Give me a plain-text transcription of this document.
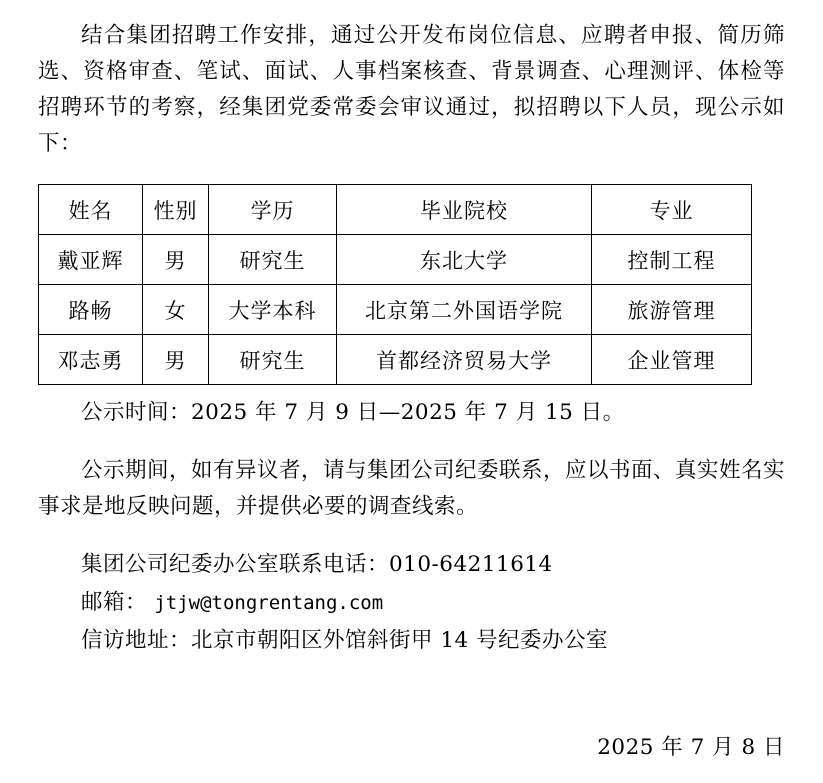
结合集团招聘工作安排，通过公开发布岗位信息、应聘者申报、简历筛选、资格审查、笔试、面试、人事档案核查、背景调查、心理测评、体检等招聘环节的考察，经集团党委常委会审议通过，拟招聘以下人员，现公示如下：

姓名	性别	学历	毕业院校	专业
戴亚辉	男	研究生	东北大学	控制工程
路畅	女	大学本科	北京第二外国语学院	旅游管理
邓志勇	男	研究生	首都经济贸易大学	企业管理
公示时间：2025 年 7 月 9 日—2025 年 7 月 15 日。

公示期间，如有异议者，请与集团公司纪委联系，应以书面、真实姓名实事求是地反映问题，并提供必要的调查线索。

集团公司纪委办公室联系电话：010-64211614
邮箱： jtjw@tongrentang.com
信访地址：北京市朝阳区外馆斜街甲 14 号纪委办公室
2025 年 7 月 8 日
